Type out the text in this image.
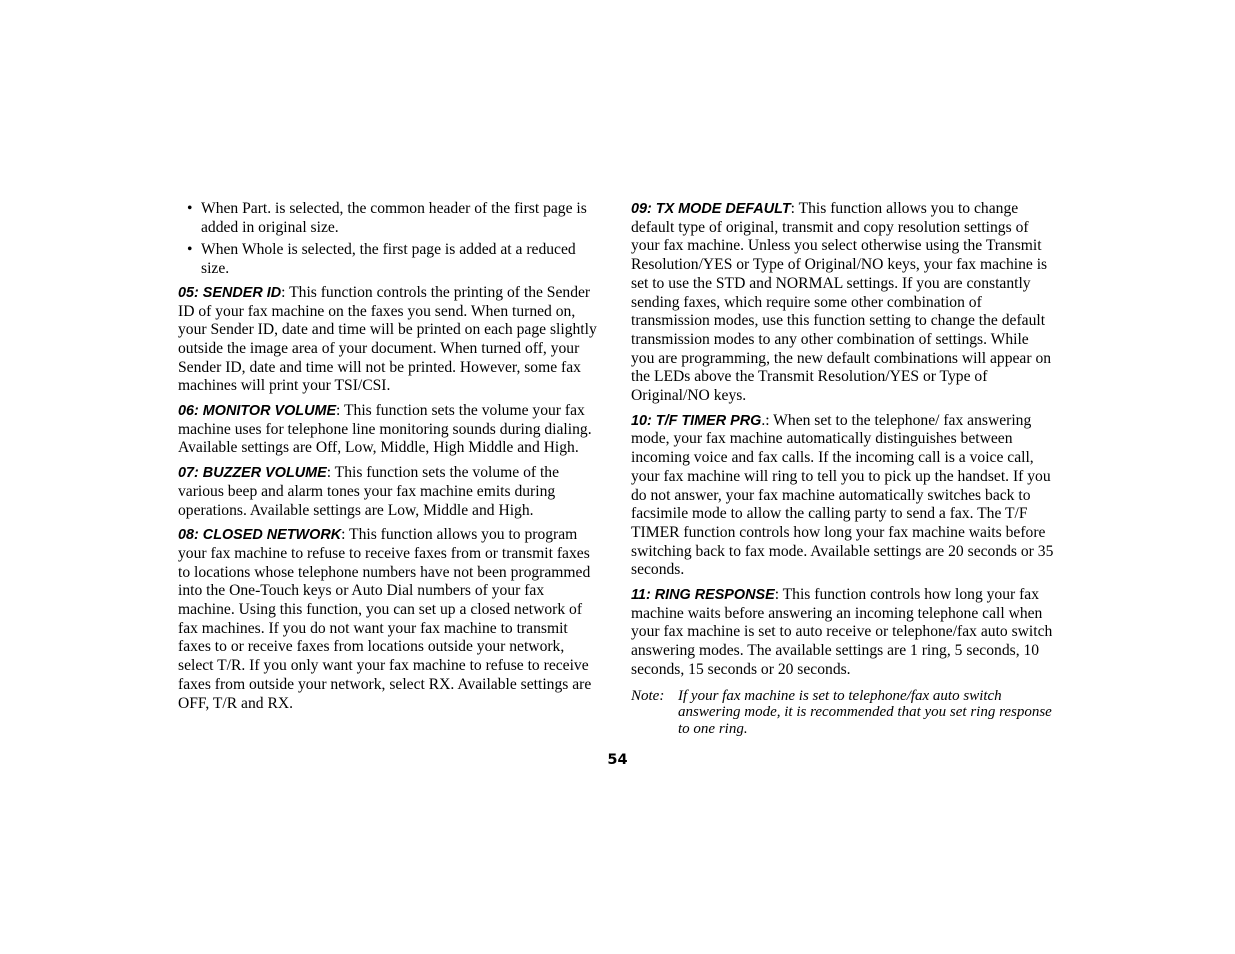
• When Part. is selected, the common header of the first page is added in original size.
• When Whole is selected, the first page is added at a reduced size.

05: SENDER ID: This function controls the printing of the Sender ID of your fax machine on the faxes you send. When turned on, your Sender ID, date and time will be printed on each page slightly outside the image area of your document. When turned off, your Sender ID, date and time will not be printed. However, some fax machines will print your TSI/CSI.

06: MONITOR VOLUME: This function sets the volume your fax machine uses for telephone line monitoring sounds during dialing. Available settings are Off, Low, Middle, High Middle and High.

07: BUZZER VOLUME: This function sets the volume of the various beep and alarm tones your fax machine emits during operations. Available settings are Low, Middle and High.

08: CLOSED NETWORK: This function allows you to program your fax machine to refuse to receive faxes from or transmit faxes to locations whose telephone numbers have not been programmed into the One-Touch keys or Auto Dial numbers of your fax machine. Using this function, you can set up a closed network of fax machines. If you do not want your fax machine to transmit faxes to or receive faxes from locations outside your network, select T/R. If you only want your fax machine to refuse to receive faxes from outside your network, select RX. Available settings are OFF, T/R and RX.

09: TX MODE DEFAULT: This function allows you to change default type of original, transmit and copy resolution settings of your fax machine. Unless you select otherwise using the Transmit Resolution/YES or Type of Original/NO keys, your fax machine is set to use the STD and NORMAL settings. If you are constantly sending faxes, which require some other combination of transmission modes, use this function setting to change the default transmission modes to any other combination of settings. While you are programming, the new default combinations will appear on the LEDs above the Transmit Resolution/YES or Type of Original/NO keys.

10: T/F TIMER PRG.: When set to the telephone/ fax answering mode, your fax machine automatically distinguishes between incoming voice and fax calls. If the incoming call is a voice call, your fax machine will ring to tell you to pick up the handset. If you do not answer, your fax machine automatically switches back to facsimile mode to allow the calling party to send a fax. The T/F TIMER function controls how long your fax machine waits before switching back to fax mode. Available settings are 20 seconds or 35 seconds.

11: RING RESPONSE: This function controls how long your fax machine waits before answering an incoming telephone call when your fax machine is set to auto receive or telephone/fax auto switch answering modes. The available settings are 1 ring, 5 seconds, 10 seconds, 15 seconds or 20 seconds.

Note: If your fax machine is set to telephone/fax auto switch answering mode, it is recommended that you set ring response to one ring.
54
